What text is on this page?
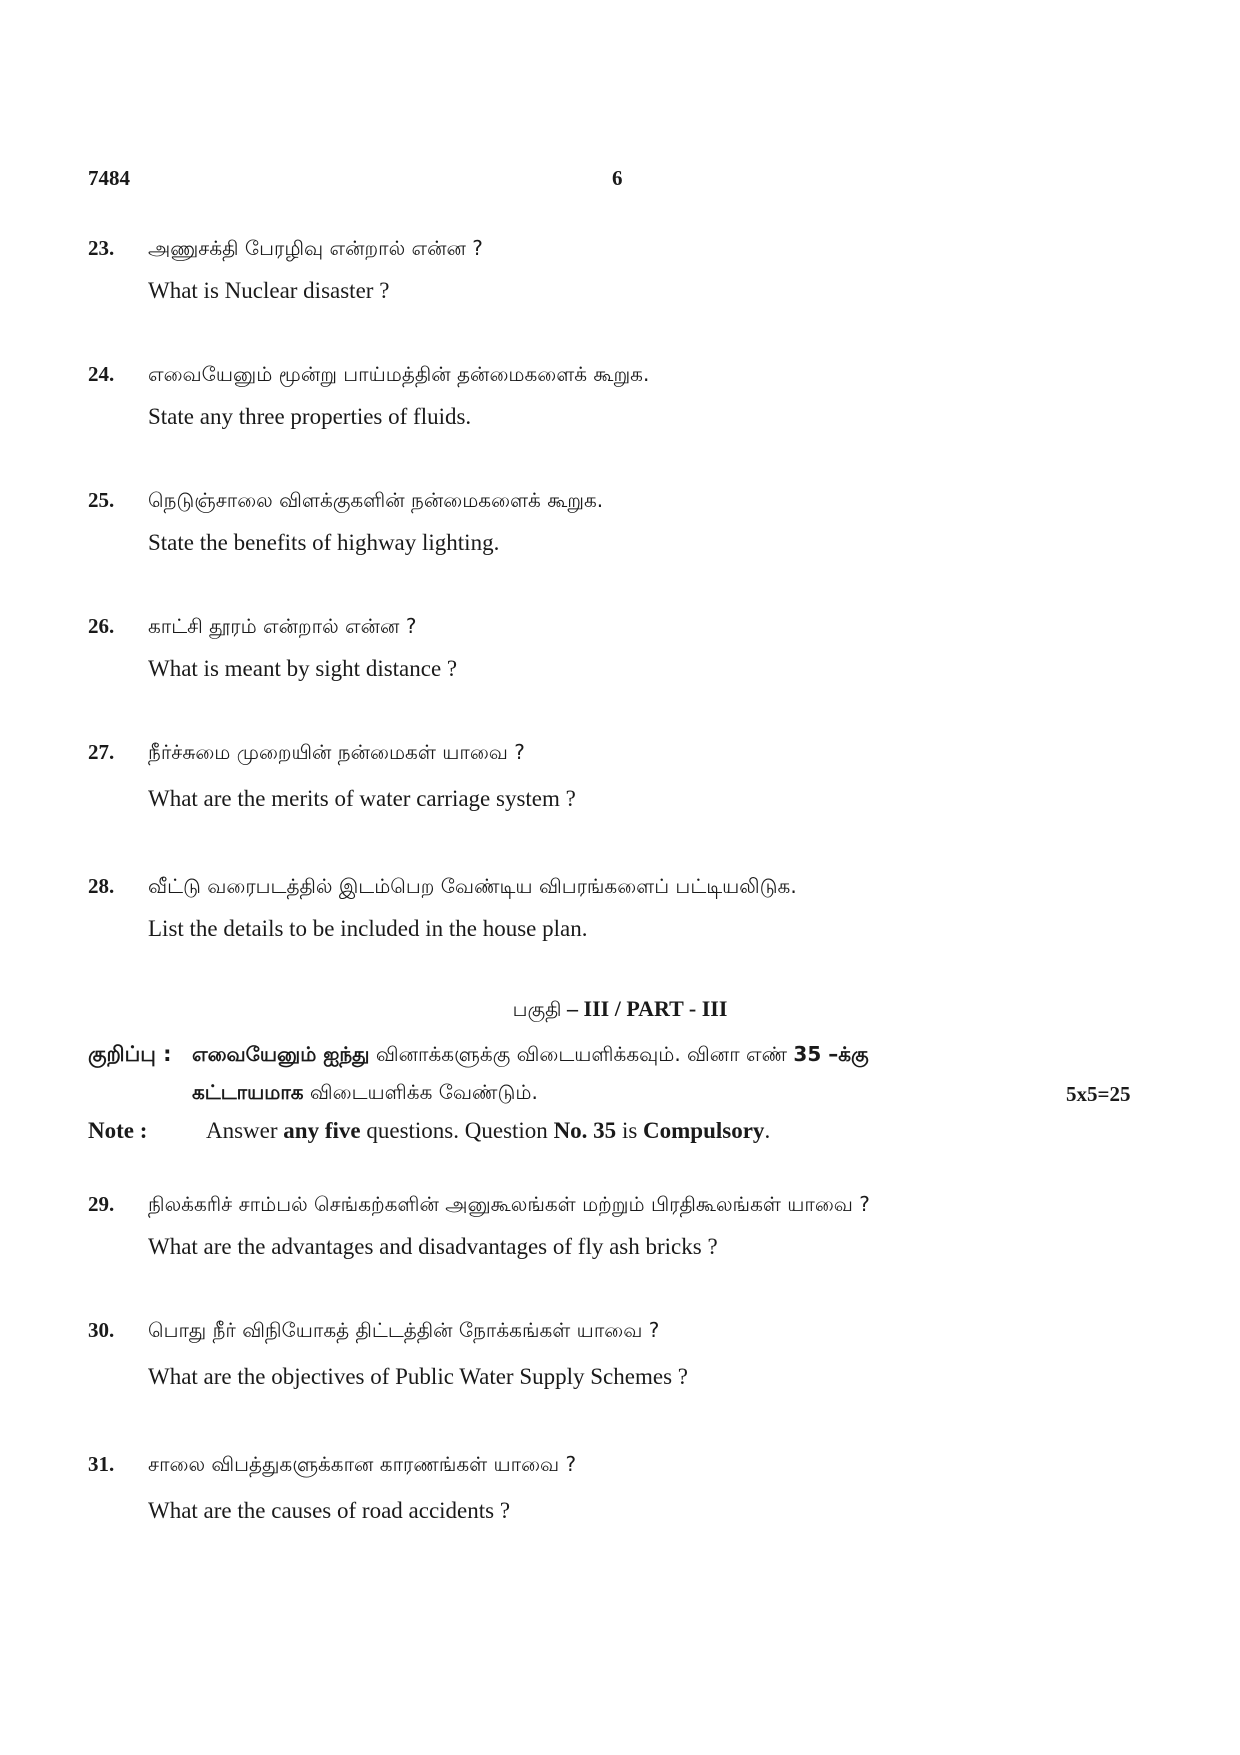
7484	6
23. அணுசக்தி பேரழிவு என்றால் என்ன ?
What is Nuclear disaster ?
24. எவையேனும் மூன்று பாய்மத்தின் தன்மைகளைக் கூறுக.
State any three properties of fluids.
25. நெடுஞ்சாலை விளக்குகளின் நன்மைகளைக் கூறுக.
State the benefits of highway lighting.
26. காட்சி தூரம் என்றால் என்ன ?
What is meant by sight distance ?
27. நீர்ச்சுமை முறையின் நன்மைகள் யாவை ?
What are the merits of water carriage system ?
28. வீட்டு வரைபடத்தில் இடம்பெற வேண்டிய விபரங்களைப் பட்டியலிடுக.
List the details to be included in the house plan.
பகுதி – III / PART - III
குறிப்பு : எவையேனும் ஐந்து வினாக்களுக்கு விடையளிக்கவும். வினா எண் 35 –க்கு
கட்டாயமாக விடையளிக்க வேண்டும்.	5x5=25
Note :	Answer any five questions. Question No. 35 is Compulsory.
29. நிலக்கரிச் சாம்பல் செங்கற்களின் அனுகூலங்கள் மற்றும் பிரதிகூலங்கள் யாவை ?
What are the advantages and disadvantages of fly ash bricks ?
30. பொது நீர் விநியோகத் திட்டத்தின் நோக்கங்கள் யாவை ?
What are the objectives of Public Water Supply Schemes ?
31. சாலை விபத்துகளுக்கான காரணங்கள் யாவை ?
What are the causes of road accidents ?
